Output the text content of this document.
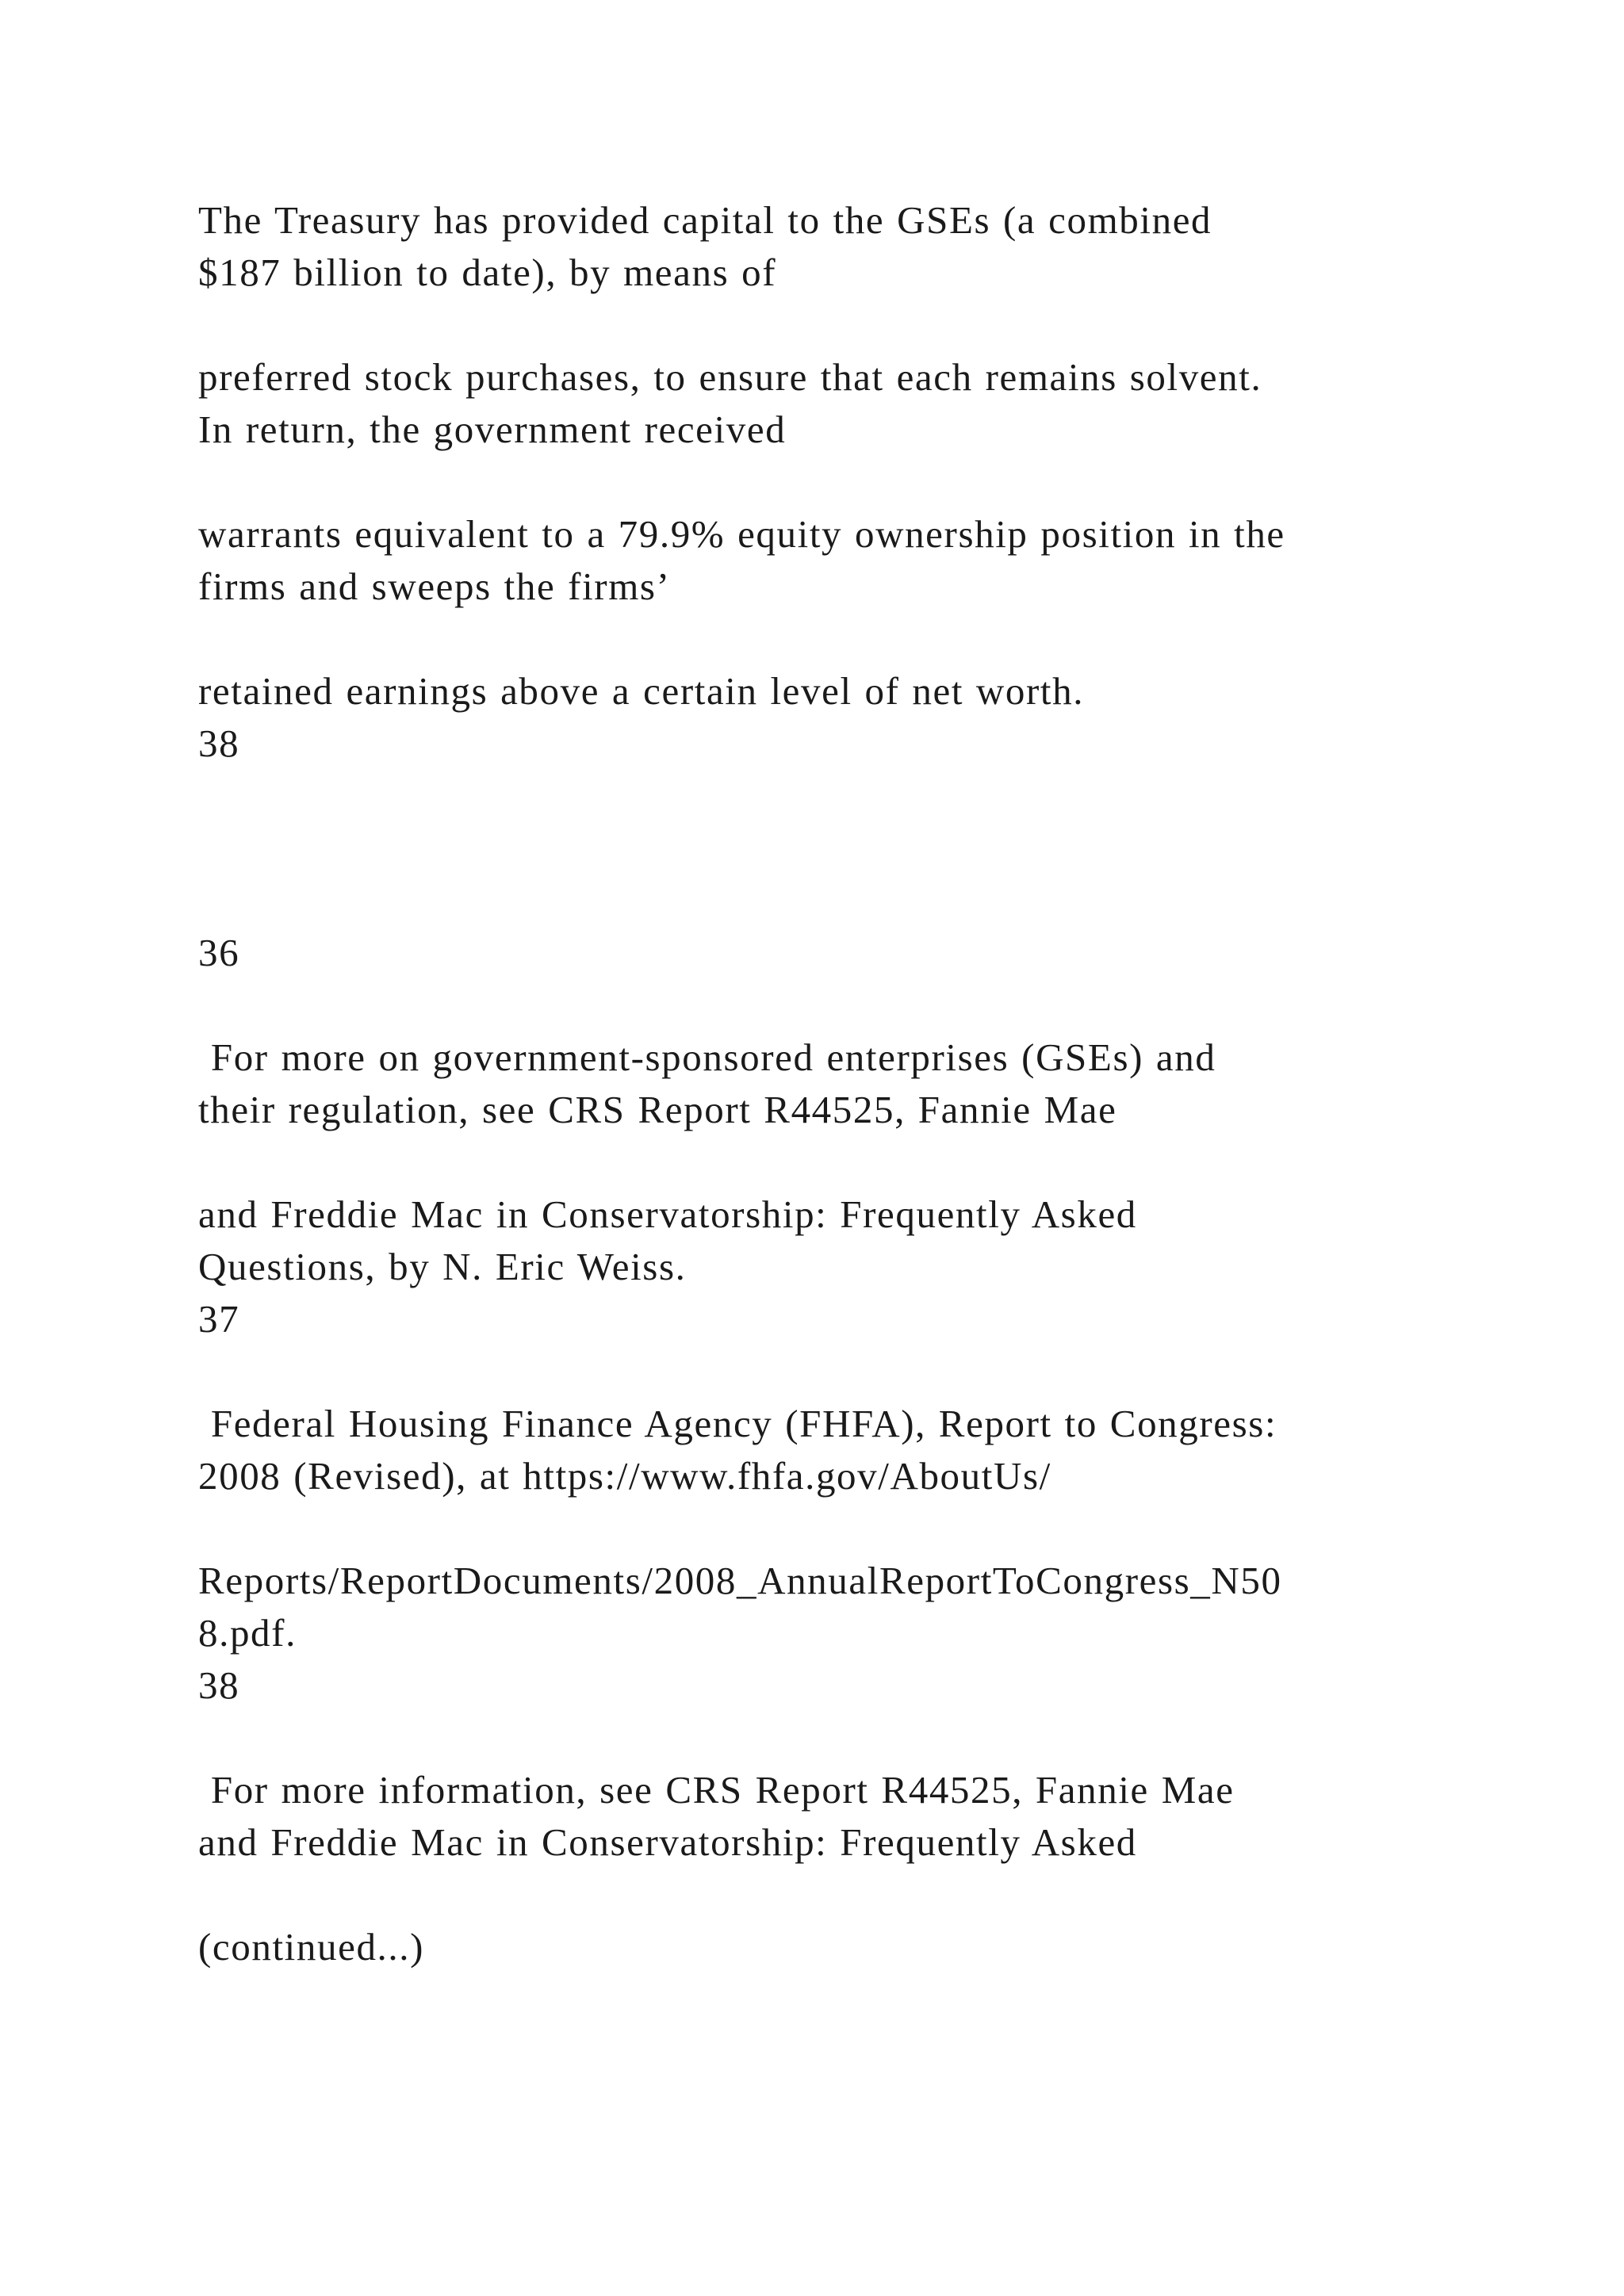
The Treasury has provided capital to the GSEs (a combined
$187 billion to date), by means of
preferred stock purchases, to ensure that each remains solvent.
In return, the government received
warrants equivalent to a 79.9% equity ownership position in the
firms and sweeps the firms’
retained earnings above a certain level of net worth.
38
36
For more on government-sponsored enterprises (GSEs) and
their regulation, see CRS Report R44525, Fannie Mae
and Freddie Mac in Conservatorship: Frequently Asked
Questions, by N. Eric Weiss.
37
Federal Housing Finance Agency (FHFA), Report to Congress:
2008 (Revised), at https://www.fhfa.gov/AboutUs/
Reports/ReportDocuments/2008_AnnualReportToCongress_N50
8.pdf.
38
For more information, see CRS Report R44525, Fannie Mae
and Freddie Mac in Conservatorship: Frequently Asked
(continued...)
